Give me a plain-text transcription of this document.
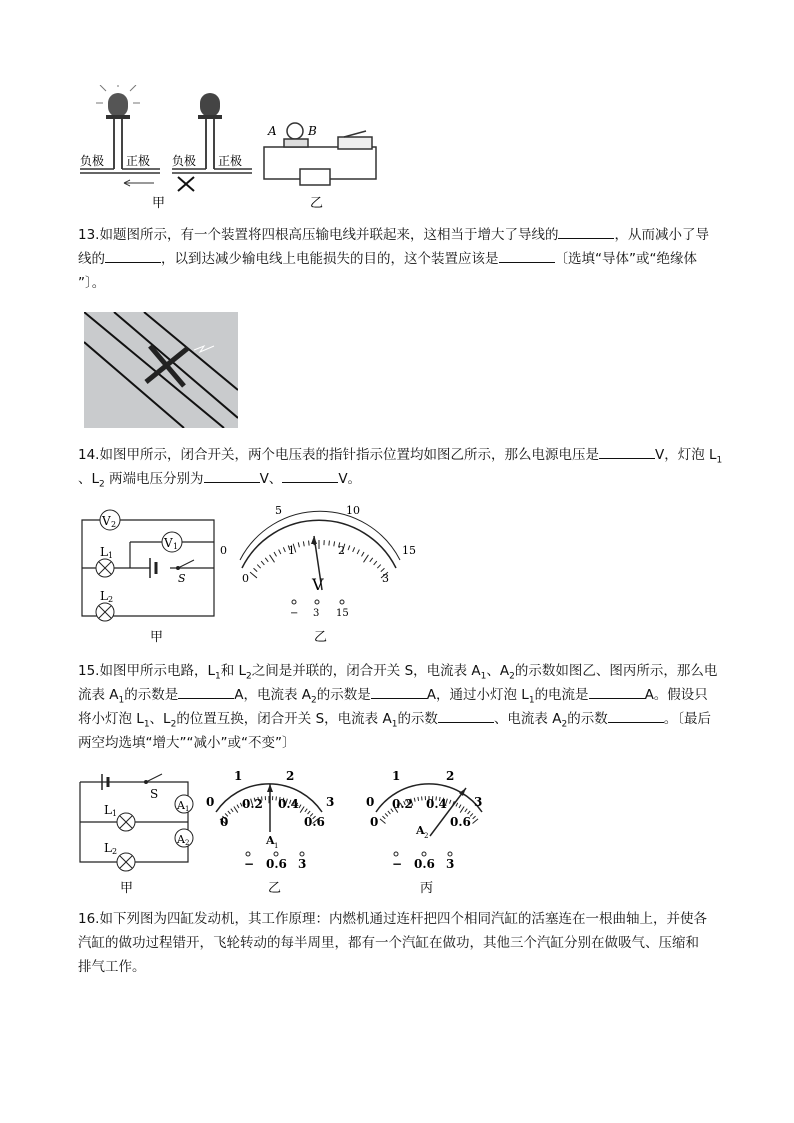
负极 正极 负极 正极
A	B
甲	乙
13.如题图所示，有一个装置将四根高压输电线并联起来，这相当于增大了导线的	，从而减小了导
线的	，以到达减少输电线上电能损失的目的，这个装置应该是	〔选填“导体”或“绝缘体
”〕。
14.如图甲所示，闭合开关，两个电压表的指针指示位置均如图乙所示，那么电源电压是	V，灯泡 $L_1$
、$L_2$ 两端电压分别为	V、	V。
V 2
V 1
L 1
S
L 2
甲
0
5	10
15
0
1	2
3
V
− 3 15
乙
15.如图甲所示电路，$L_1$和 $L_2$之间是并联的，闭合开关 S，电流表 $A_1$、$A_2$的示数如图乙、图丙所示，那么电
流表 $A_1$的示数是	A，电流表 $A_2$的示数是	A，通过小灯泡 $L_1$的电流是	A。假设只
将小灯泡 $L_1$、$L_2$的位置互换，闭合开关 S，电流表 $A_1$的示数	、电流表 $A_2$的示数	。〔最后
两空均选填“增大”“减小”或“不变”〕
S
A 1
A 2
L 1
L 2
甲
0
1	2
3
0
0.2 0.4
0.6
A 1
− 0.6 3
乙
0
1	2
3
0
0.2 0.4
0.6
A 2
− 0.6 3
丙
16.如下列图为四缸发动机，其工作原理：内燃机通过连杆把四个相同汽缸的活塞连在一根曲轴上，并使各
汽缸的做功过程错开，飞轮转动的每半周里，都有一个汽缸在做功，其他三个汽缸分别在做吸气、压缩和
排气工作。
